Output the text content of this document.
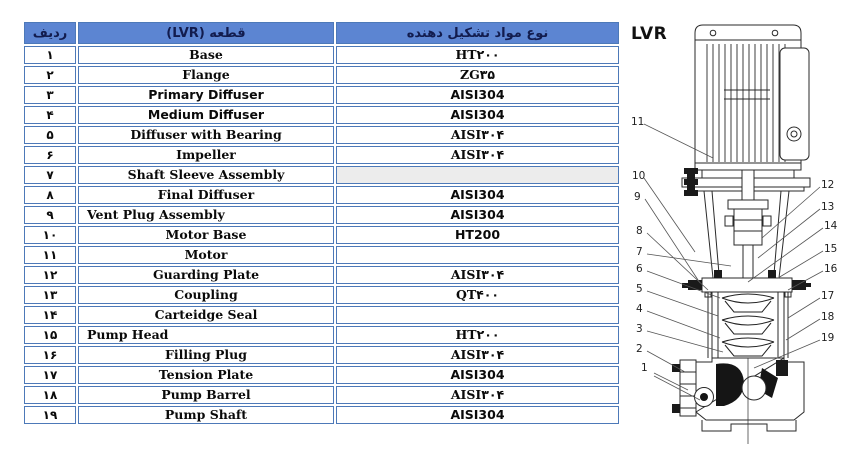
ردیف	قطعه (LVR)	نوع مواد تشکیل دهنده
۱	Base	HT۲۰۰
۲	Flange	ZG۳۵
۳	Primary Diffuser	AISI304
۴	Medium Diffuser	AISI304
۵	Diffuser with Bearing	AISI۳۰۴
۶	Impeller	AISI۳۰۴
۷	Shaft Sleeve Assembly	
۸	Final Diffuser	AISI304
۹	Vent Plug Assembly	AISI304
۱۰	Motor Base	HT200
۱۱	Motor	
۱۲	Guarding Plate	AISI۳۰۴
۱۳	Coupling	QT۴۰۰
۱۴	Carteidge Seal	
۱۵	Pump Head	HT۲۰۰
۱۶	Filling Plug	AISI۳۰۴
۱۷	Tension Plate	AISI304
۱۸	Pump Barrel	AISI۳۰۴
۱۹	Pump Shaft	AISI304
LVR
1
2
3
4
5
6
7
8
9
10
11
12
13
14
15
16
17
18
19
